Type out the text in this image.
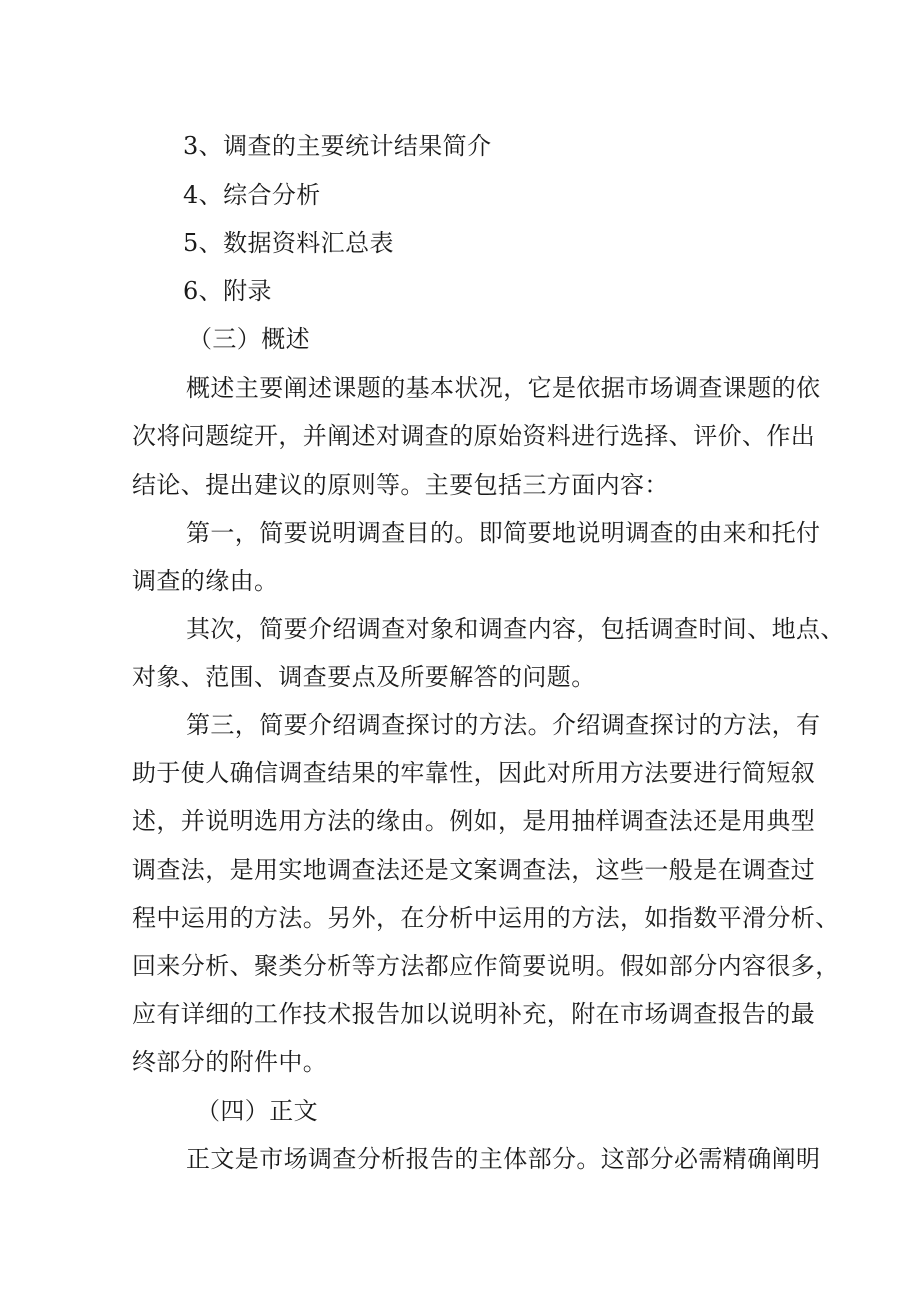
3、调查的主要统计结果简介
4、综合分析
5、数据资料汇总表
6、附录
（三）概述
概述主要阐述课题的基本状况，它是依据市场调查课题的依
次将问题绽开，并阐述对调查的原始资料进行选择、评价、作出
结论、提出建议的原则等。主要包括三方面内容：
第一，简要说明调查目的。即简要地说明调查的由来和托付
调查的缘由。
其次，简要介绍调查对象和调查内容，包括调查时间、地点、
对象、范围、调查要点及所要解答的问题。
第三，简要介绍调查探讨的方法。介绍调查探讨的方法，有
助于使人确信调查结果的牢靠性，因此对所用方法要进行简短叙
述，并说明选用方法的缘由。例如，是用抽样调查法还是用典型
调查法，是用实地调查法还是文案调查法，这些一般是在调查过
程中运用的方法。另外，在分析中运用的方法，如指数平滑分析、
回来分析、聚类分析等方法都应作简要说明。假如部分内容很多，
应有详细的工作技术报告加以说明补充，附在市场调查报告的最
终部分的附件中。
（四）正文
正文是市场调查分析报告的主体部分。这部分必需精确阐明
